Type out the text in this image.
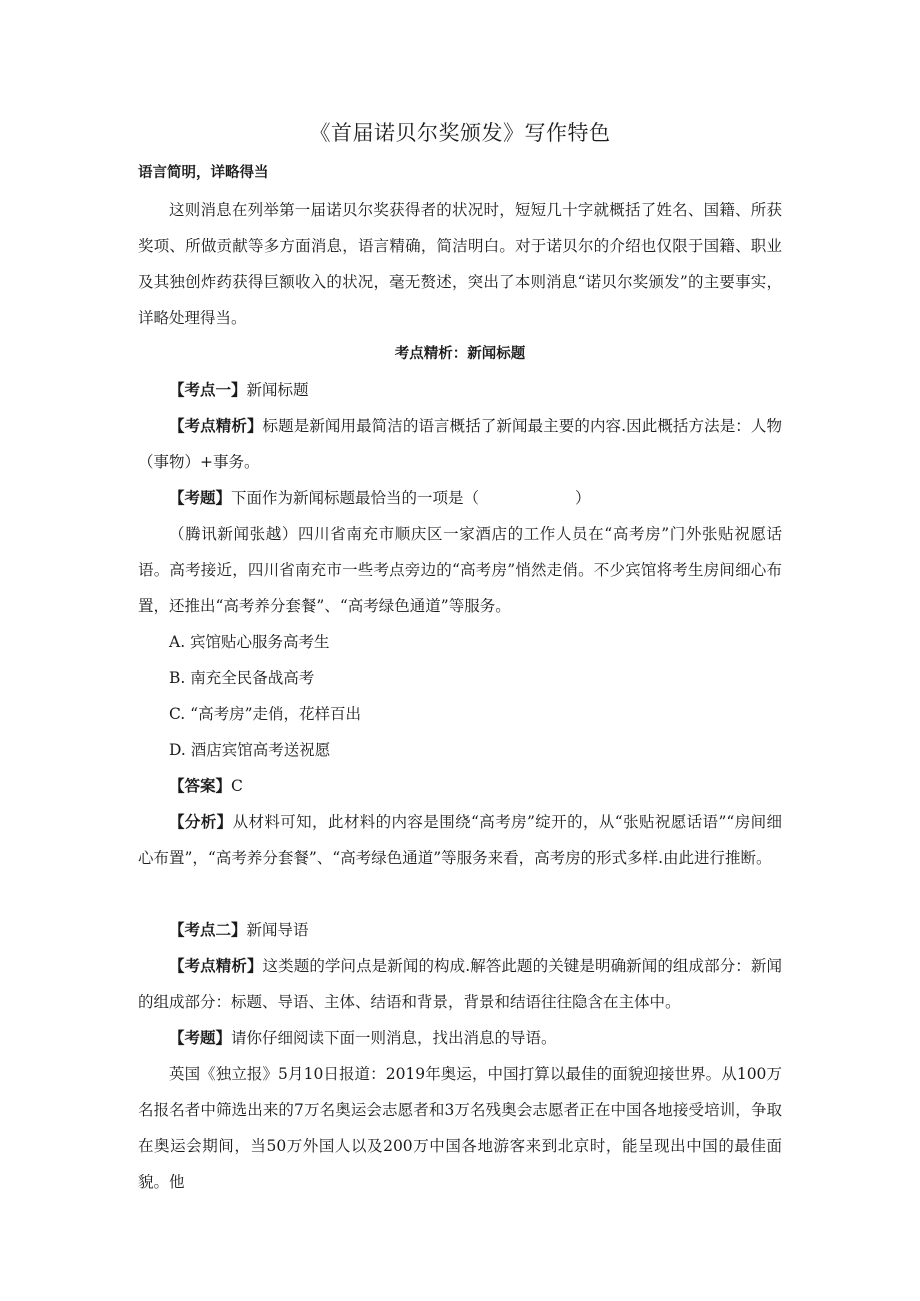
《首届诺贝尔奖颁发》写作特色

语言简明，详略得当

这则消息在列举第一届诺贝尔奖获得者的状况时，短短几十字就概括了姓名、国籍、所获奖项、所做贡献等多方面消息，语言精确，简洁明白。对于诺贝尔的介绍也仅限于国籍、职业及其独创炸药获得巨额收入的状况，毫无赘述，突出了本则消息“诺贝尔奖颁发”的主要事实，详略处理得当。

考点精析：新闻标题

【考点一】新闻标题

【考点精析】标题是新闻用最简洁的语言概括了新闻最主要的内容.因此概括方法是：人物（事物）+事务。

【考题】下面作为新闻标题最恰当的一项是（	）

（腾讯新闻张越）四川省南充市顺庆区一家酒店的工作人员在“高考房”门外张贴祝愿话语。高考接近，四川省南充市一些考点旁边的“高考房”悄然走俏。不少宾馆将考生房间细心布置，还推出“高考养分套餐”、“高考绿色通道”等服务。

A. 宾馆贴心服务高考生

B. 南充全民备战高考

C. “高考房”走俏，花样百出

D. 酒店宾馆高考送祝愿

【答案】C

【分析】从材料可知，此材料的内容是围绕“高考房”绽开的，从“张贴祝愿话语”“房间细心布置”，“高考养分套餐”、“高考绿色通道”等服务来看，高考房的形式多样.由此进行推断。

【考点二】新闻导语

【考点精析】这类题的学问点是新闻的构成.解答此题的关键是明确新闻的组成部分：新闻的组成部分：标题、导语、主体、结语和背景，背景和结语往往隐含在主体中。

【考题】请你仔细阅读下面一则消息，找出消息的导语。

英国《独立报》5月10日报道：2019年奥运，中国打算以最佳的面貌迎接世界。从100万名报名者中筛选出来的7万名奥运会志愿者和3万名残奥会志愿者正在中国各地接受培训，争取在奥运会期间，当50万外国人以及200万中国各地游客来到北京时，能呈现出中国的最佳面貌。他
